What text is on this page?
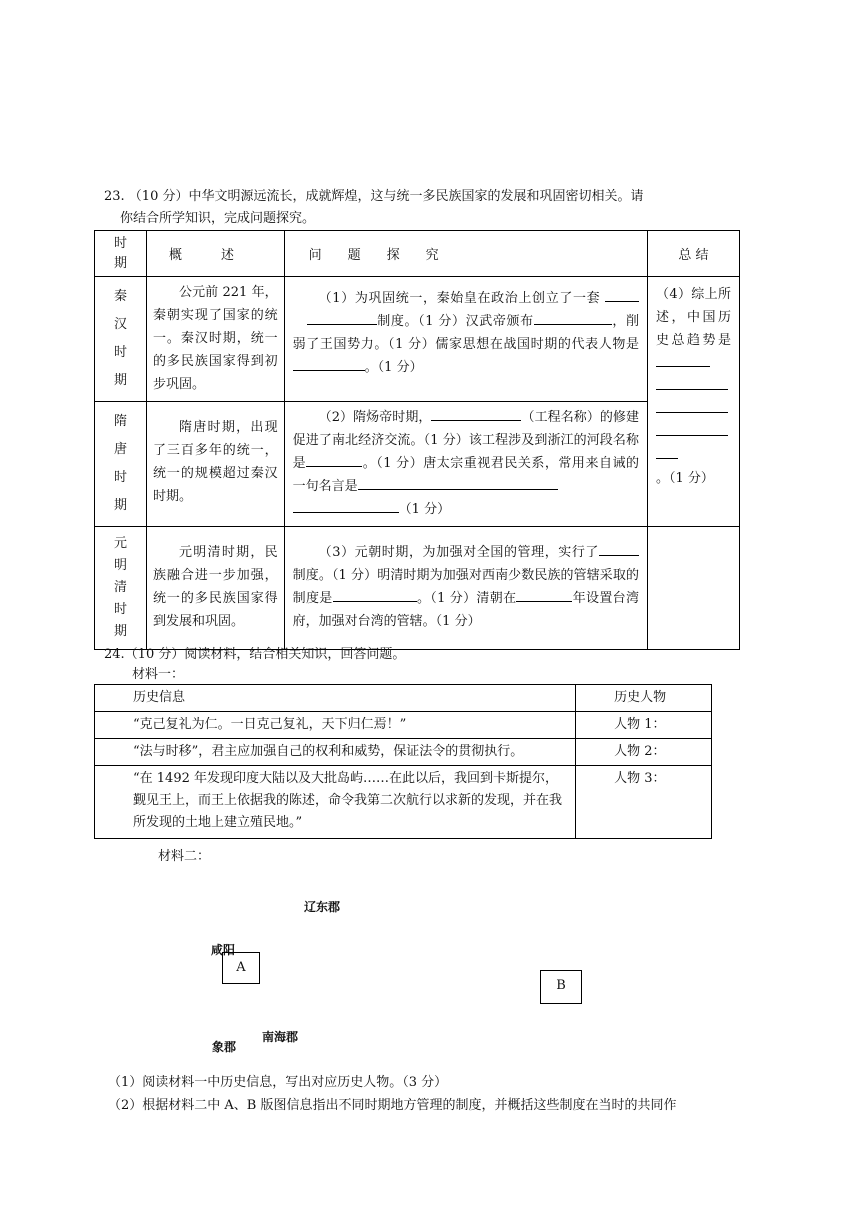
23. （10 分）中华文明源远流长，成就辉煌，这与统一多民族国家的发展和巩固密切相关。请
你结合所学知识，完成问题探究。
时期	概　　　述	问　　题　　探　　究	总 结
秦汉时期	公元前 221 年，秦朝实现了国家的统一。秦汉时期，统一的多民族国家得到初步巩固。	（1）为巩固统一，秦始皇在政治上创立了一套  制度。（1 分）汉武帝颁布 ，削弱了王国势力。（1 分）儒家思想在战国时期的代表人物是。（1 分）	（4）综上所述，中国历史总趋势是

。（1 分）
隋唐时期	隋唐时期，出现了三百多年的统一，统一的规模超过秦汉时期。	（2）隋炀帝时期， （工程名称）的修建促进了南北经济交流。（1 分）该工程涉及到浙江的河段名称是 。（1 分）唐太宗重视君民关系，常用来自诫的一句名言是
（1 分）	
元明清时期	元明清时期，民族融合进一步加强，统一的多民族国家得到发展和巩固。	（3）元朝时期，为加强对全国的管理，实行了制度。（1 分）明清时期为加强对西南少数民族的管辖采取的制度是 。（1 分）清朝在 年设置台湾府，加强对台湾的管辖。（1 分）	
24.（10 分）阅读材料，结合相关知识，回答问题。
材料一：
历史信息	历史人物
“克己复礼为仁。一日克己复礼，天下归仁焉！”	人物 1：
“法与时移”，君主应加强自己的权利和威势，保证法令的贯彻执行。	人物 2：
“在 1492 年发现印度大陆以及大批岛屿……在此以后，我回到卡斯提尔，觐见王上，而王上依据我的陈述，命令我第二次航行以求新的发现，并在我所发现的土地上建立殖民地。”	人物 3：
材料二：
辽东郡
咸阳
A
B
南海郡
象郡
（1）阅读材料一中历史信息，写出对应历史人物。（3 分）
（2）根据材料二中 A、B 版图信息指出不同时期地方管理的制度，并概括这些制度在当时的共同作
